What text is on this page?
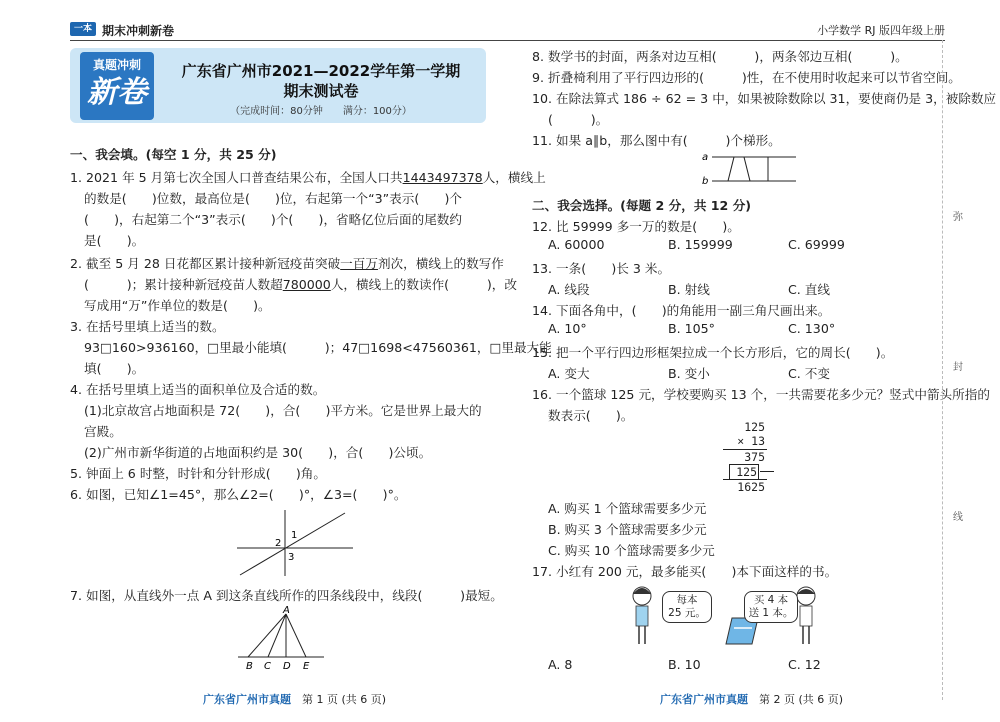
一本 期末冲刺新卷	小学数学 RJ 版四年级上册
真题冲刺
新卷
广东省广州市2021—2022学年第一学期
期末测试卷
（完成时间：80分钟　　满分：100分）
一、我会填。(每空 1 分，共 25 分)
1. 2021 年 5 月第七次全国人口普查结果公布，全国人口共1443497378人，横线上
的数是(　　)位数，最高位是(　　)位，右起第一个“3”表示(　　)个
(　　)，右起第二个“3”表示(　　)个(　　)，省略亿位后面的尾数约
是(　　)。
2. 截至 5 月 28 日花都区累计接种新冠疫苗突破一百万剂次，横线上的数写作
(　　　)；累计接种新冠疫苗人数超780000人，横线上的数读作(　　　)，改
写成用“万”作单位的数是(　　)。
3. 在括号里填上适当的数。
93□160>936160，□里最小能填(　　　)；47□1698<47560361，□里最大能
填(　　)。
4. 在括号里填上适当的面积单位及合适的数。
(1)北京故宫占地面积是 72(　　)，合(　　)平方米。它是世界上最大的
宫殿。
(2)广州市新华街道的占地面积约是 30(　　)，合(　　)公顷。
5. 钟面上 6 时整，时针和分针形成(　　)角。
6. 如图，已知∠1=45°，那么∠2=(　　)°，∠3=(　　)°。
1
2
3
7. 如图，从直线外一点 A 到这条直线所作的四条线段中，线段(　　　)最短。
A
B C D E
广东省广州市真题　 第 1 页 (共 6 页)
8. 数学书的封面，两条对边互相(　　　)，两条邻边互相(　　　)。
9. 折叠椅利用了平行四边形的(　　　)性，在不使用时收起来可以节省空间。
10. 在除法算式 186 ÷ 62 = 3 中，如果被除数除以 31，要使商仍是 3，被除数应
(　　　)。
11. 如果 a∥b，那么图中有(　　　)个梯形。
a
b
二、我会选择。(每题 2 分，共 12 分)
12. 比 59999 多一万的数是(　　)。
A. 60000	B. 159999	C. 69999
13. 一条(　　)长 3 米。
A. 线段	B. 射线	C. 直线
14. 下面各角中，(　　)的角能用一副三角尺画出来。
A. 10°	B. 105°	C. 130°
15. 把一个平行四边形框架拉成一个长方形后，它的周长(　　)。
A. 变大	B. 变小	C. 不变
16. 一个篮球 125 元，学校要购买 13 个，一共需要花多少元？竖式中箭头所指的
数表示(　　)。
125
× 13
375
125
1625
A. 购买 1 个篮球需要多少元
B. 购买 3 个篮球需要多少元
C. 购买 10 个篮球需要多少元
17. 小红有 200 元，最多能买(　　)本下面这样的书。
每本
25 元。
买 4 本
送 1 本。
A. 8	B. 10	C. 12
广东省广州市真题　 第 2 页 (共 6 页)
弥
封
线
